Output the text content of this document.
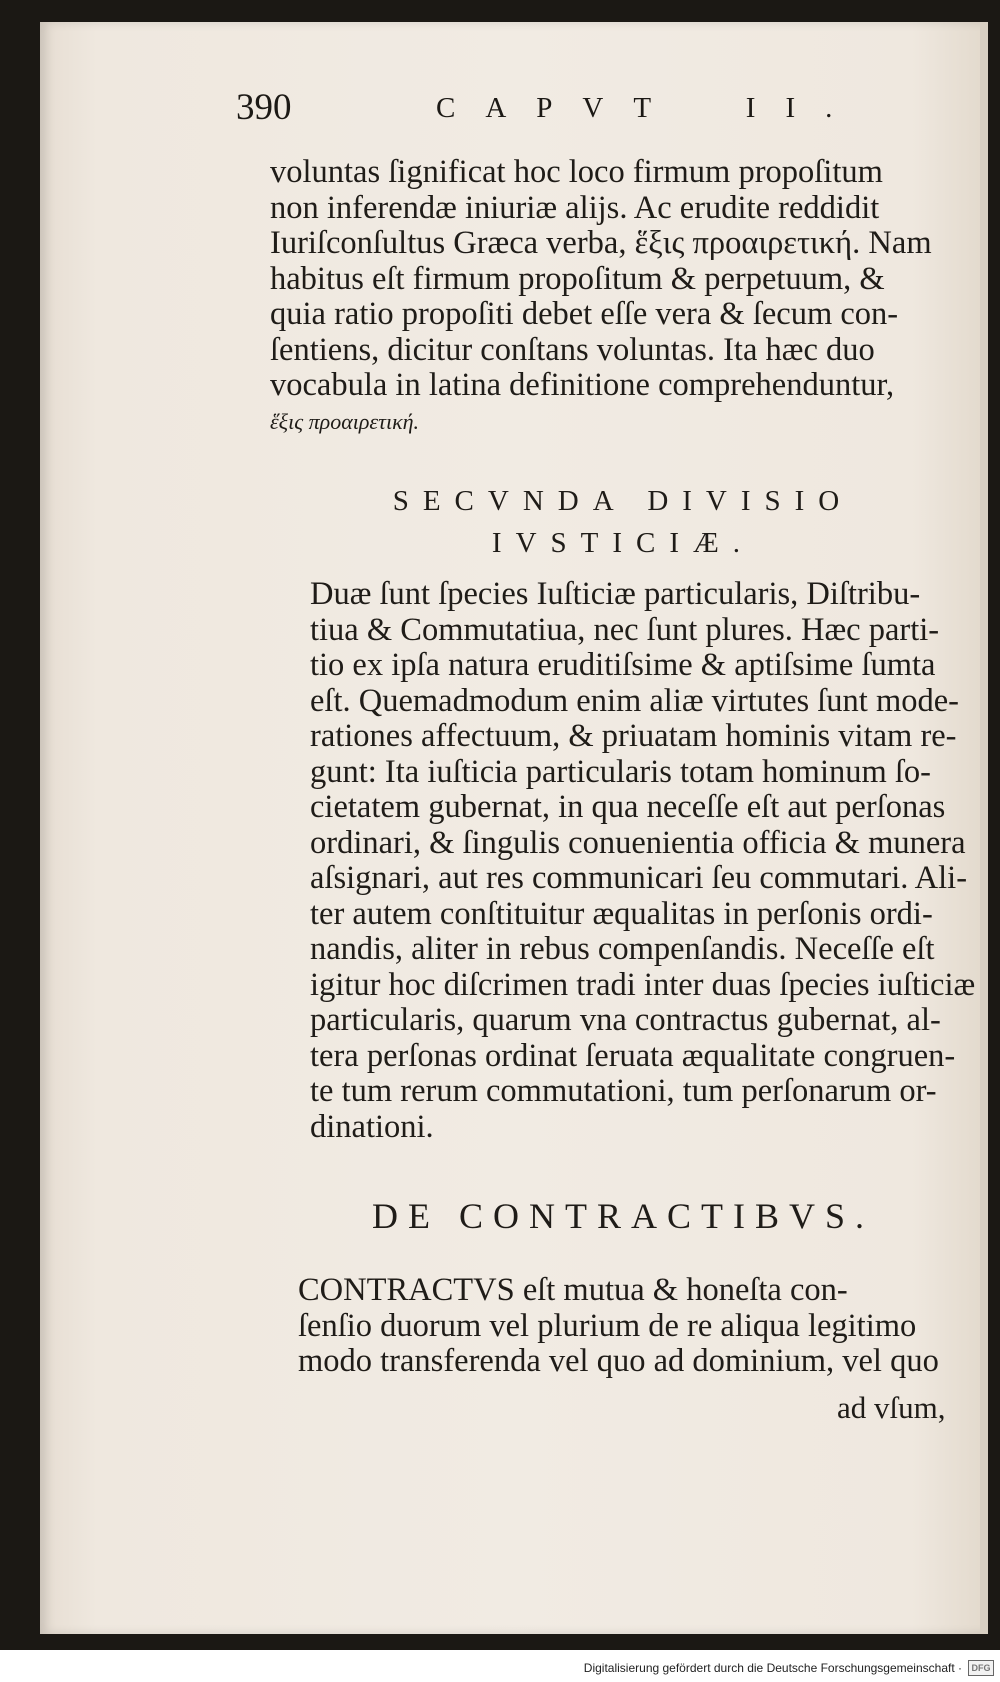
390	CAPVT II.

voluntas ſignificat hoc loco firmum propoſitum
non inferendæ iniuriæ alijs. Ac erudite reddidit
Iuriſconſultus Græca verba, ἕξις προαιρετική. Nam
habitus eſt firmum propoſitum & perpetuum, &
quia ratio propoſiti debet eſſe vera & ſecum con-
ſentiens, dicitur conſtans voluntas. Ita hæc duo
vocabula in latina definitione comprehenduntur,
ἕξις προαιρετική.

SECVNDA DIVISIO
IVSTICIÆ.

Duæ ſunt ſpecies Iuſticiæ particularis, Diſtribu-
tiua & Commutatiua, nec ſunt plures. Hæc parti-
tio ex ipſa natura eruditiſsime & aptiſsime ſumta
eſt. Quemadmodum enim aliæ virtutes ſunt mode-
rationes affectuum, & priuatam hominis vitam re-
gunt: Ita iuſticia particularis totam hominum ſo-
cietatem gubernat, in qua neceſſe eſt aut perſonas
ordinari, & ſingulis conuenientia officia & munera
aſsignari, aut res communicari ſeu commutari. Ali-
ter autem conſtituitur æqualitas in perſonis ordi-
nandis, aliter in rebus compenſandis. Neceſſe eſt
igitur hoc diſcrimen tradi inter duas ſpecies iuſticiæ
particularis, quarum vna contractus gubernat, al-
tera perſonas ordinat ſeruata æqualitate congruen-
te tum rerum commutationi, tum perſonarum or-
dinationi.

DE CONTRACTIBVS.

CONTRACTVS eſt mutua & honeſta con-
ſenſio duorum vel plurium de re aliqua legitimo
modo transferenda vel quo ad dominium, vel quo

ad vſum,
Digitalisierung gefördert durch die Deutsche Forschungsgemeinschaft ·	DFG
